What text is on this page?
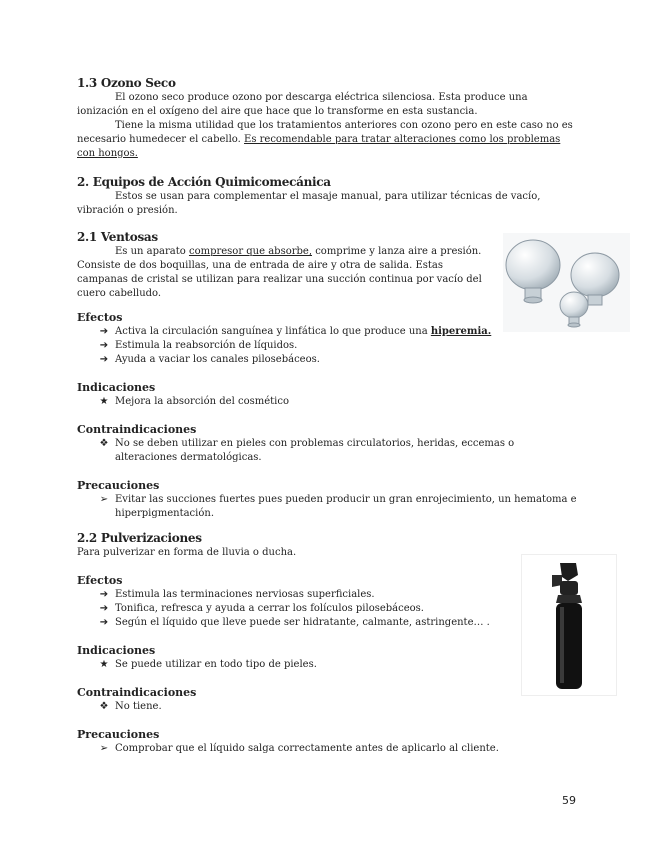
1.3 Ozono Seco

El ozono seco produce ozono por descarga eléctrica silenciosa. Esta produce una ionización en el oxígeno del aire que hace que lo transforme en esta sustancia.

Tiene la misma utilidad que los tratamientos anteriores con ozono pero en este caso no es necesario humedecer el cabello. Es recomendable para tratar alteraciones como los problemas con hongos.

2. Equipos de Acción Quimicomecánica

Estos se usan para complementar el masaje manual, para utilizar técnicas de vacío, vibración o presión.

2.1 Ventosas

Es un aparato compresor que absorbe, comprime y lanza aire a presión. Consiste de dos boquillas, una de entrada de aire y otra de salida. Estas campanas de cristal se utilizan para realizar una succión continua por vacío del cuero cabelludo.

Efectos
➔ Activa la circulación sanguínea y linfática lo que produce una hiperemia.
➔ Estimula la reabsorción de líquidos.
➔ Ayuda a vaciar los canales pilosebáceos.
Indicaciones
★ Mejora la absorción del cosmético
Contraindicaciones
❖ No se deben utilizar en pieles con problemas circulatorios, heridas, eccemas o alteraciones dermatológicas.
Precauciones
➢ Evitar las succiones fuertes pues pueden producir un gran enrojecimiento, un hematoma e hiperpigmentación.
2.2 Pulverizaciones

Para pulverizar en forma de lluvia o ducha.

Efectos
➔ Estimula las terminaciones nerviosas superficiales.
➔ Tonifica, refresca y ayuda a cerrar los folículos pilosebáceos.
➔ Según el líquido que lleve puede ser hidratante, calmante, astringente… .
Indicaciones
★ Se puede utilizar en todo tipo de pieles.
Contraindicaciones
❖ No tiene.
Precauciones
➢ Comprobar que el líquido salga correctamente antes de aplicarlo al cliente.
59
